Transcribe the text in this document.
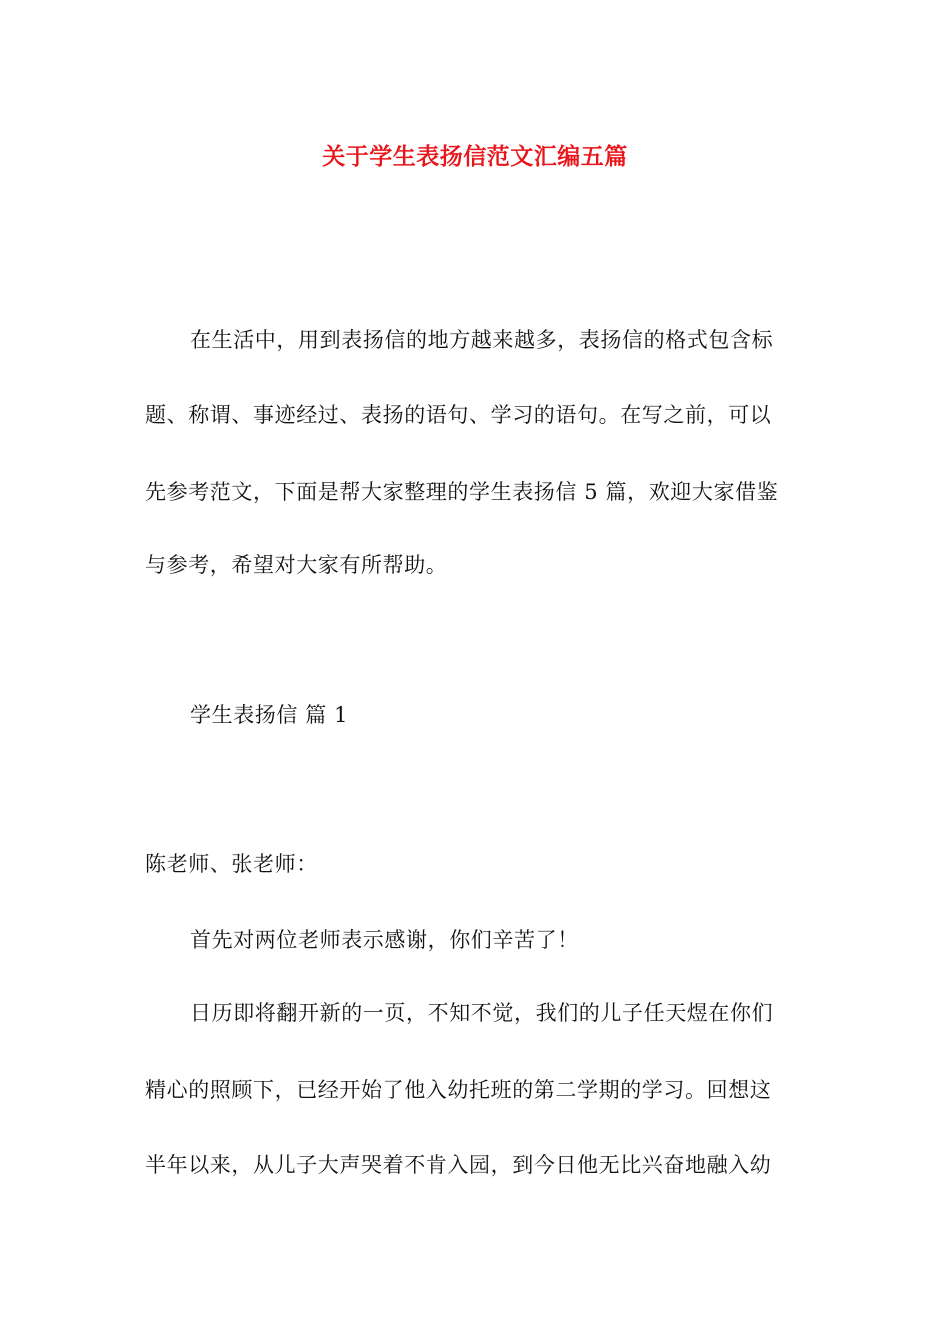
关于学生表扬信范文汇编五篇
在生活中，用到表扬信的地方越来越多，表扬信的格式包含标
题、称谓、事迹经过、表扬的语句、学习的语句。在写之前，可以
先参考范文，下面是帮大家整理的学生表扬信 5 篇，欢迎大家借鉴
与参考，希望对大家有所帮助。
学生表扬信 篇 1
陈老师、张老师：
首先对两位老师表示感谢，你们辛苦了！
日历即将翻开新的一页，不知不觉，我们的儿子任天煜在你们
精心的照顾下，已经开始了他入幼托班的第二学期的学习。回想这
半年以来，从儿子大声哭着不肯入园，到今日他无比兴奋地融入幼
